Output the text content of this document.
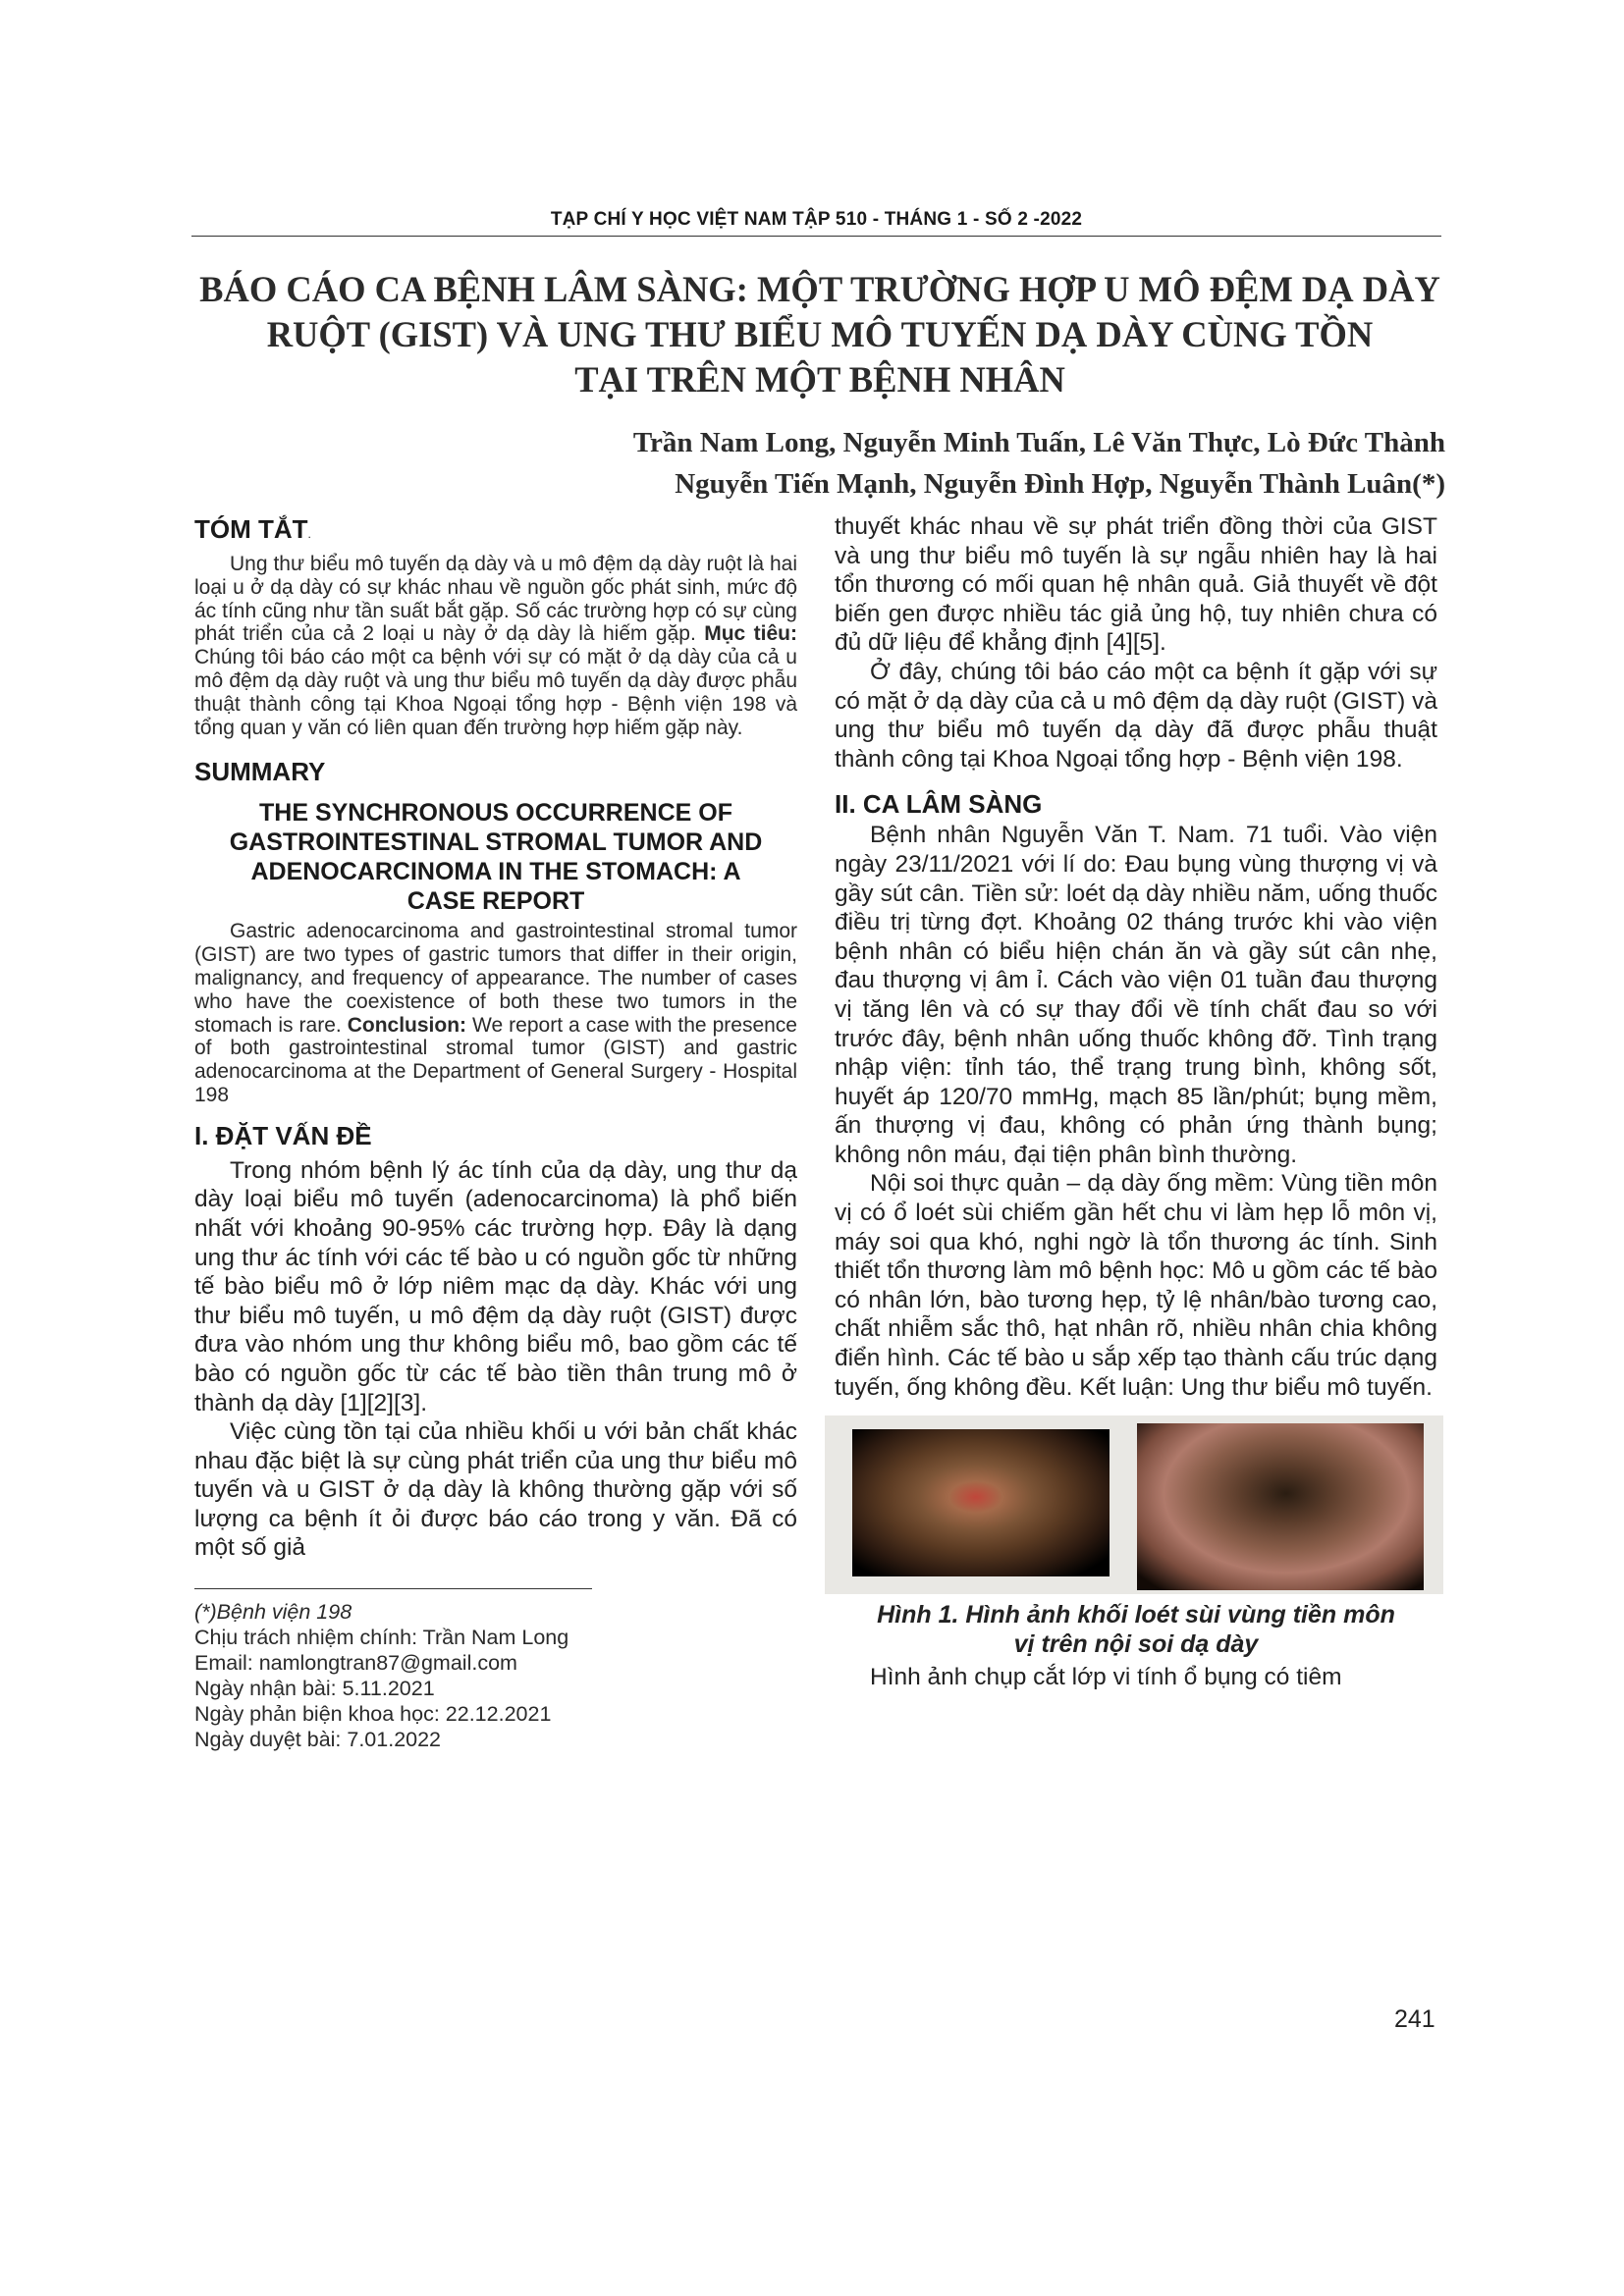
TẠP CHÍ Y HỌC VIỆT NAM TẬP 510 - THÁNG 1 - SỐ 2 -2022
BÁO CÁO CA BỆNH LÂM SÀNG: MỘT TRƯỜNG HỢP U MÔ ĐỆM DẠ DÀY
RUỘT (GIST) VÀ UNG THƯ BIỂU MÔ TUYẾN DẠ DÀY CÙNG TỒN
TẠI TRÊN MỘT BỆNH NHÂN
Trần Nam Long, Nguyễn Minh Tuấn, Lê Văn Thực, Lò Đức Thành
Nguyễn Tiến Mạnh, Nguyễn Đình Hợp, Nguyễn Thành Luân(*)
TÓM TẮT.

Ung thư biểu mô tuyến dạ dày và u mô đệm dạ dày ruột là hai loại u ở dạ dày có sự khác nhau về nguồn gốc phát sinh, mức độ ác tính cũng như tần suất bắt gặp. Số các trường hợp có sự cùng phát triển của cả 2 loại u này ở dạ dày là hiếm gặp. Mục tiêu: Chúng tôi báo cáo một ca bệnh với sự có mặt ở dạ dày của cả u mô đệm dạ dày ruột và ung thư biểu mô tuyến dạ dày được phẫu thuật thành công tại Khoa Ngoại tổng hợp - Bệnh viện 198 và tổng quan y văn có liên quan đến trường hợp hiếm gặp này.

SUMMARY
THE SYNCHRONOUS OCCURRENCE OF GASTROINTESTINAL STROMAL TUMOR AND ADENOCARCINOMA IN THE STOMACH: A CASE REPORT

Gastric adenocarcinoma and gastrointestinal stromal tumor (GIST) are two types of gastric tumors that differ in their origin, malignancy, and frequency of appearance. The number of cases who have the coexistence of both these two tumors in the stomach is rare. Conclusion: We report a case with the presence of both gastrointestinal stromal tumor (GIST) and gastric adenocarcinoma at the Department of General Surgery - Hospital 198

I. ĐẶT VẤN ĐỀ

Trong nhóm bệnh lý ác tính của dạ dày, ung thư dạ dày loại biểu mô tuyến (adenocarcinoma) là phổ biến nhất với khoảng 90-95% các trường hợp. Đây là dạng ung thư ác tính với các tế bào u có nguồn gốc từ những tế bào biểu mô ở lớp niêm mạc dạ dày. Khác với ung thư biểu mô tuyến, u mô đệm dạ dày ruột (GIST) được đưa vào nhóm ung thư không biểu mô, bao gồm các tế bào có nguồn gốc từ các tế bào tiền thân trung mô ở thành dạ dày [1][2][3].

Việc cùng tồn tại của nhiều khối u với bản chất khác nhau đặc biệt là sự cùng phát triển của ung thư biểu mô tuyến và u GIST ở dạ dày là không thường gặp với số lượng ca bệnh ít ỏi được báo cáo trong y văn. Đã có một số giả

(*)Bệnh viện 198

Chịu trách nhiệm chính: Trần Nam Long

Email: namlongtran87@gmail.com

Ngày nhận bài: 5.11.2021

Ngày phản biện khoa học: 22.12.2021

Ngày duyệt bài: 7.01.2022

thuyết khác nhau về sự phát triển đồng thời của GIST và ung thư biểu mô tuyến là sự ngẫu nhiên hay là hai tổn thương có mối quan hệ nhân quả. Giả thuyết về đột biến gen được nhiều tác giả ủng hộ, tuy nhiên chưa có đủ dữ liệu để khẳng định [4][5].

Ở đây, chúng tôi báo cáo một ca bệnh ít gặp với sự có mặt ở dạ dày của cả u mô đệm dạ dày ruột (GIST) và ung thư biểu mô tuyến dạ dày đã được phẫu thuật thành công tại Khoa Ngoại tổng hợp - Bệnh viện 198.

II. CA LÂM SÀNG

Bệnh nhân Nguyễn Văn T. Nam. 71 tuổi. Vào viện ngày 23/11/2021 với lí do: Đau bụng vùng thượng vị và gầy sút cân. Tiền sử: loét dạ dày nhiều năm, uống thuốc điều trị từng đợt. Khoảng 02 tháng trước khi vào viện bệnh nhân có biểu hiện chán ăn và gầy sút cân nhẹ, đau thượng vị âm ỉ. Cách vào viện 01 tuần đau thượng vị tăng lên và có sự thay đổi về tính chất đau so với trước đây, bệnh nhân uống thuốc không đỡ. Tình trạng nhập viện: tỉnh táo, thể trạng trung bình, không sốt, huyết áp 120/70 mmHg, mạch 85 lần/phút; bụng mềm, ấn thượng vị đau, không có phản ứng thành bụng; không nôn máu, đại tiện phân bình thường.

Nội soi thực quản – dạ dày ống mềm: Vùng tiền môn vị có ổ loét sùi chiếm gần hết chu vi làm hẹp lỗ môn vị, máy soi qua khó, nghi ngờ là tổn thương ác tính. Sinh thiết tổn thương làm mô bệnh học: Mô u gồm các tế bào có nhân lớn, bào tương hẹp, tỷ lệ nhân/bào tương cao, chất nhiễm sắc thô, hạt nhân rõ, nhiều nhân chia không điển hình. Các tế bào u sắp xếp tạo thành cấu trúc dạng tuyến, ống không đều. Kết luận: Ung thư biểu mô tuyến.

Hình 1. Hình ảnh khối loét sùi vùng tiền môn vị trên nội soi dạ dày

Hình ảnh chụp cắt lớp vi tính ổ bụng có tiêm

241
